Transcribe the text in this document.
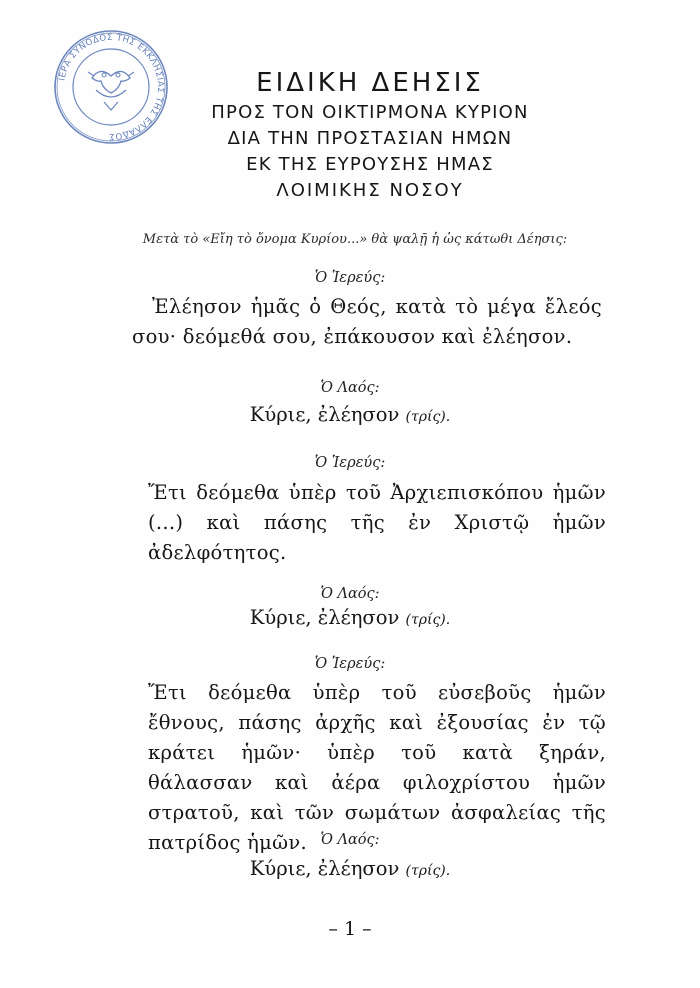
ΙΕΡΑ ΣΥΝΟΔΟΣ ΤΗΣ ΕΚΚΛΗΣΙΑΣ ΤΗΣ ΕΛΛΑΔΟΣ
ΕΙΔΙΚΗ ΔΕΗΣΙΣ

ΠΡΟΣ ΤΟΝ ΟΙΚΤΙΡΜΟΝΑ ΚΥΡΙΟΝ

ΔΙΑ ΤΗΝ ΠΡΟΣΤΑΣΙΑΝ ΗΜΩΝ

ΕΚ ΤΗΣ ΕΥΡΟΥΣΗΣ ΗΜΑΣ

ΛΟΙΜΙΚΗΣ ΝΟΣΟΥ

Μετὰ τὸ «Εἴη τὸ ὄνομα Κυρίου...» θὰ ψαλῇ ἡ ὡς κάτωθι Δέησις:
Ὁ Ἱερεύς:
Ἐλέησον ἡμᾶς ὁ Θεός, κατὰ τὸ μέγα ἔλεός σου· δεόμεθά σου, ἐπάκουσον καὶ ἐλέησον.
Ὁ Λαός:
Κύριε, ἐλέησον (τρίς).
Ὁ Ἱερεύς:
Ἔτι δεόμεθα ὑπὲρ τοῦ Ἀρχιεπισκόπου ἡμῶν (...) καὶ πάσης τῆς ἐν Χριστῷ ἡμῶν ἀδελφότητος.
Ὁ Λαός:
Κύριε, ἐλέησον (τρίς).
Ὁ Ἱερεύς:
Ἔτι δεόμεθα ὑπὲρ τοῦ εὐσεβοῦς ἡμῶν ἔθνους, πάσης ἀρχῆς καὶ ἐξουσίας ἐν τῷ κράτει ἡμῶν· ὑπὲρ τοῦ κατὰ ξηράν, θάλασσαν καὶ ἀέρα φιλοχρίστου ἡμῶν στρατοῦ, καὶ τῶν σωμάτων ἀσφαλείας τῆς πατρίδος ἡμῶν. Ὁ Λαός:
Κύριε, ἐλέησον (τρίς).
– 1 –
